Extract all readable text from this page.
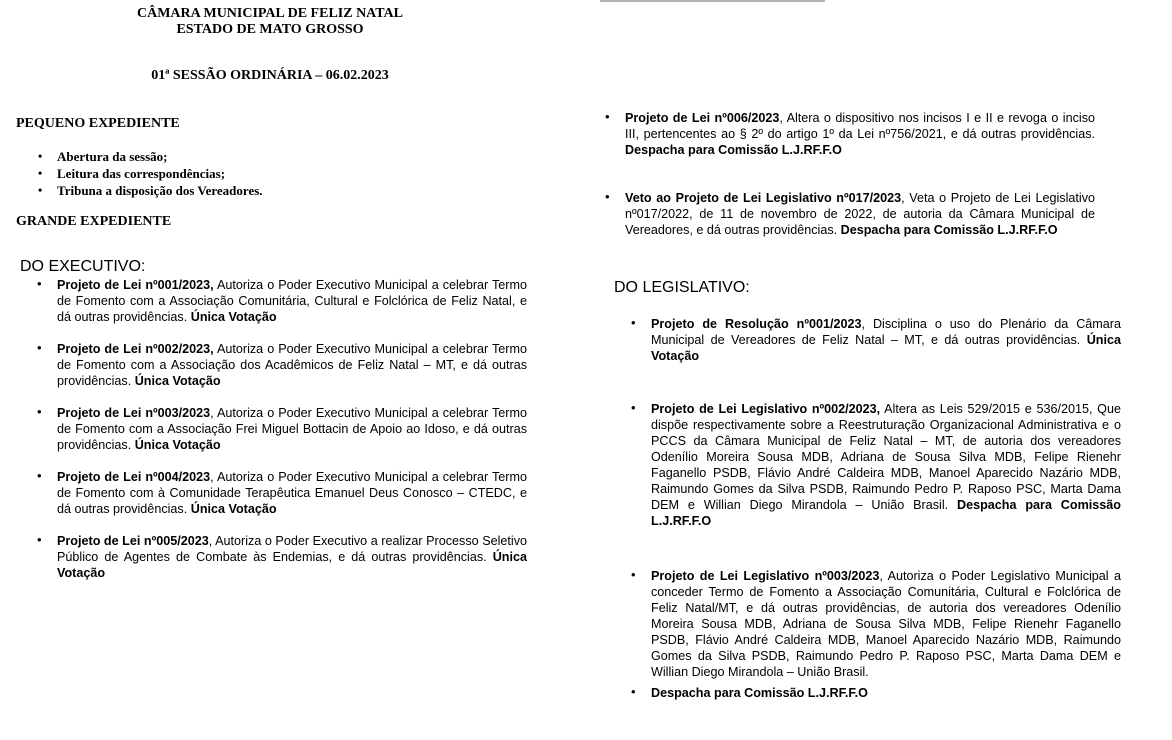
CÂMARA MUNICIPAL DE FELIZ NATAL
ESTADO DE MATO GROSSO
01ª SESSÃO ORDINÁRIA – 06.02.2023
PEQUENO EXPEDIENTE
• Abertura da sessão;
• Leitura das correspondências;
• Tribuna a disposição dos Vereadores.
GRANDE EXPEDIENTE
DO EXECUTIVO:
• Projeto de Lei nº001/2023, Autoriza o Poder Executivo Municipal a celebrar Termo de Fomento com a Associação Comunitária, Cultural e Folclórica de Feliz Natal, e dá outras providências. Única Votação
• Projeto de Lei nº002/2023, Autoriza o Poder Executivo Municipal a celebrar Termo de Fomento com a Associação dos Acadêmicos de Feliz Natal – MT, e dá outras providências. Única Votação
• Projeto de Lei nº003/2023, Autoriza o Poder Executivo Municipal a celebrar Termo de Fomento com a Associação Frei Miguel Bottacin de Apoio ao Idoso, e dá outras providências. Única Votação
• Projeto de Lei nº004/2023, Autoriza o Poder Executivo Municipal a celebrar Termo de Fomento com à Comunidade Terapêutica Emanuel Deus Conosco – CTEDC, e dá outras providências. Única Votação
• Projeto de Lei nº005/2023, Autoriza o Poder Executivo a realizar Processo Seletivo Público de Agentes de Combate às Endemias, e dá outras providências. Única Votação
• Projeto de Lei nº006/2023, Altera o dispositivo nos incisos I e II e revoga o inciso III, pertencentes ao § 2º do artigo 1º da Lei nº756/2021, e dá outras providências. Despacha para Comissão L.J.RF.F.O
• Veto ao Projeto de Lei Legislativo nº017/2023, Veta o Projeto de Lei Legislativo nº017/2022, de 11 de novembro de 2022, de autoria da Câmara Municipal de Vereadores, e dá outras providências. Despacha para Comissão L.J.RF.F.O
DO LEGISLATIVO:
• Projeto de Resolução nº001/2023, Disciplina o uso do Plenário da Câmara Municipal de Vereadores de Feliz Natal – MT, e dá outras providências. Única Votação
• Projeto de Lei Legislativo nº002/2023, Altera as Leis 529/2015 e 536/2015, Que dispõe respectivamente sobre a Reestruturação Organizacional Administrativa e o PCCS da Câmara Municipal de Feliz Natal – MT, de autoria dos vereadores Odenílio Moreira Sousa MDB, Adriana de Sousa Silva MDB, Felipe Rienehr Faganello PSDB, Flávio André Caldeira MDB, Manoel Aparecido Nazário MDB, Raimundo Gomes da Silva PSDB, Raimundo Pedro P. Raposo PSC, Marta Dama DEM e Willian Diego Mirandola – União Brasil. Despacha para Comissão L.J.RF.F.O
• Projeto de Lei Legislativo nº003/2023, Autoriza o Poder Legislativo Municipal a conceder Termo de Fomento a Associação Comunitária, Cultural e Folclórica de Feliz Natal/MT, e dá outras providências, de autoria dos vereadores Odenílio Moreira Sousa MDB, Adriana de Sousa Silva MDB, Felipe Rienehr Faganello PSDB, Flávio André Caldeira MDB, Manoel Aparecido Nazário MDB, Raimundo Gomes da Silva PSDB, Raimundo Pedro P. Raposo PSC, Marta Dama DEM e Willian Diego Mirandola – União Brasil.
• Despacha para Comissão L.J.RF.F.O
